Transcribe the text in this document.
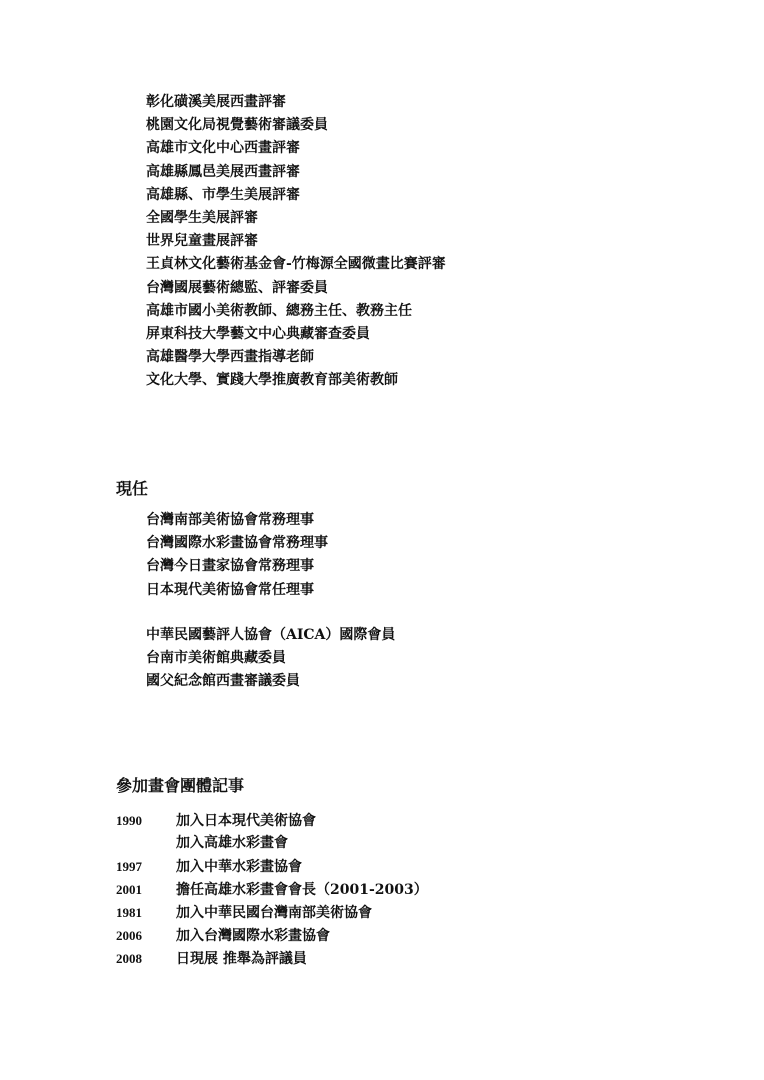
彰化磺溪美展西畫評審
桃園文化局視覺藝術審議委員
高雄市文化中心西畫評審
高雄縣鳳邑美展西畫評審
高雄縣、市學生美展評審
全國學生美展評審
世界兒童畫展評審
王貞林文化藝術基金會-竹梅源全國微畫比賽評審
台灣國展藝術總監、評審委員
高雄市國小美術教師、總務主任、教務主任
屏東科技大學藝文中心典藏審查委員
高雄醫學大學西畫指導老師
文化大學、實踐大學推廣教育部美術教師
現任
台灣南部美術協會常務理事
台灣國際水彩畫協會常務理事
台灣今日畫家協會常務理事
日本現代美術協會常任理事
中華民國藝評人協會（AICA）國際會員
台南市美術館典藏委員
國父紀念館西畫審議委員
參加畫會團體記事
1990 加入日本現代美術協會
加入高雄水彩畫會
1997 加入中華水彩畫協會
2001 擔任高雄水彩畫會會長（2001-2003）
1981 加入中華民國台灣南部美術協會
2006 加入台灣國際水彩畫協會
2008 日現展 推舉為評議員
